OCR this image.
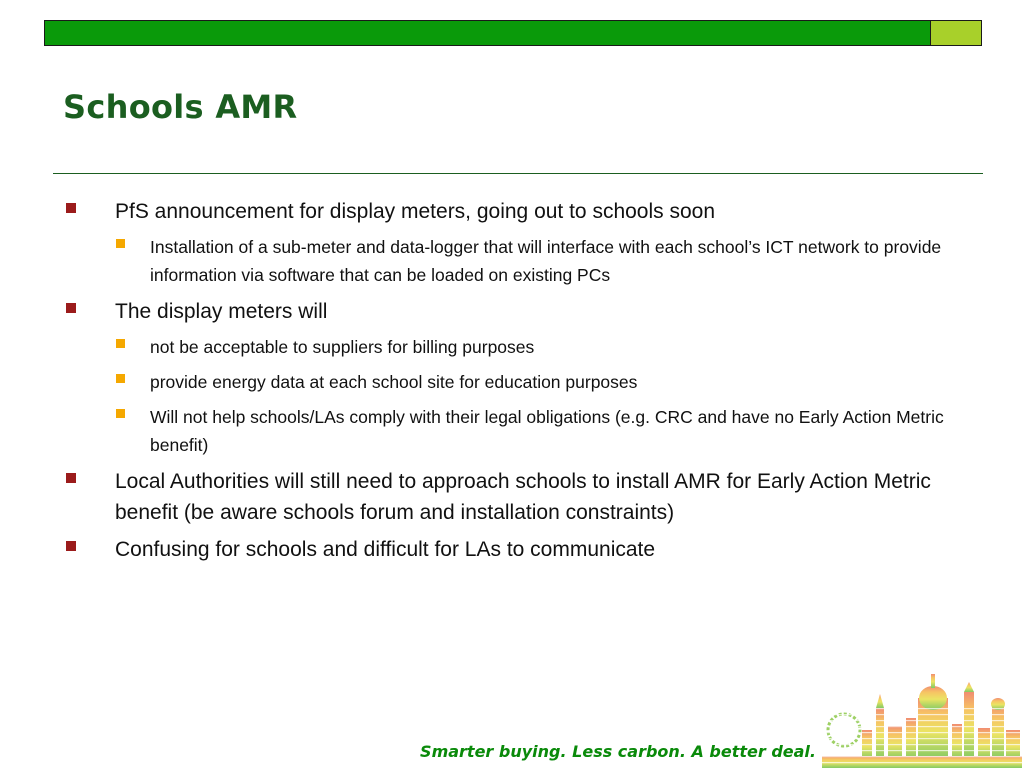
Schools AMR
PfS announcement for display meters, going out to schools soon
Installation of a sub-meter and data-logger that will interface with each school’s ICT network to provide information via software that can be loaded on existing PCs
The display meters will
not be acceptable to suppliers for billing purposes
provide energy data at each school site for education purposes
Will not help schools/LAs comply with their legal obligations (e.g. CRC and have no Early Action Metric benefit)
Local Authorities will still need to approach schools to install AMR for Early Action Metric benefit (be aware schools forum and installation constraints)
Confusing for schools and difficult for LAs to communicate

Smarter buying. Less carbon. A better deal.
